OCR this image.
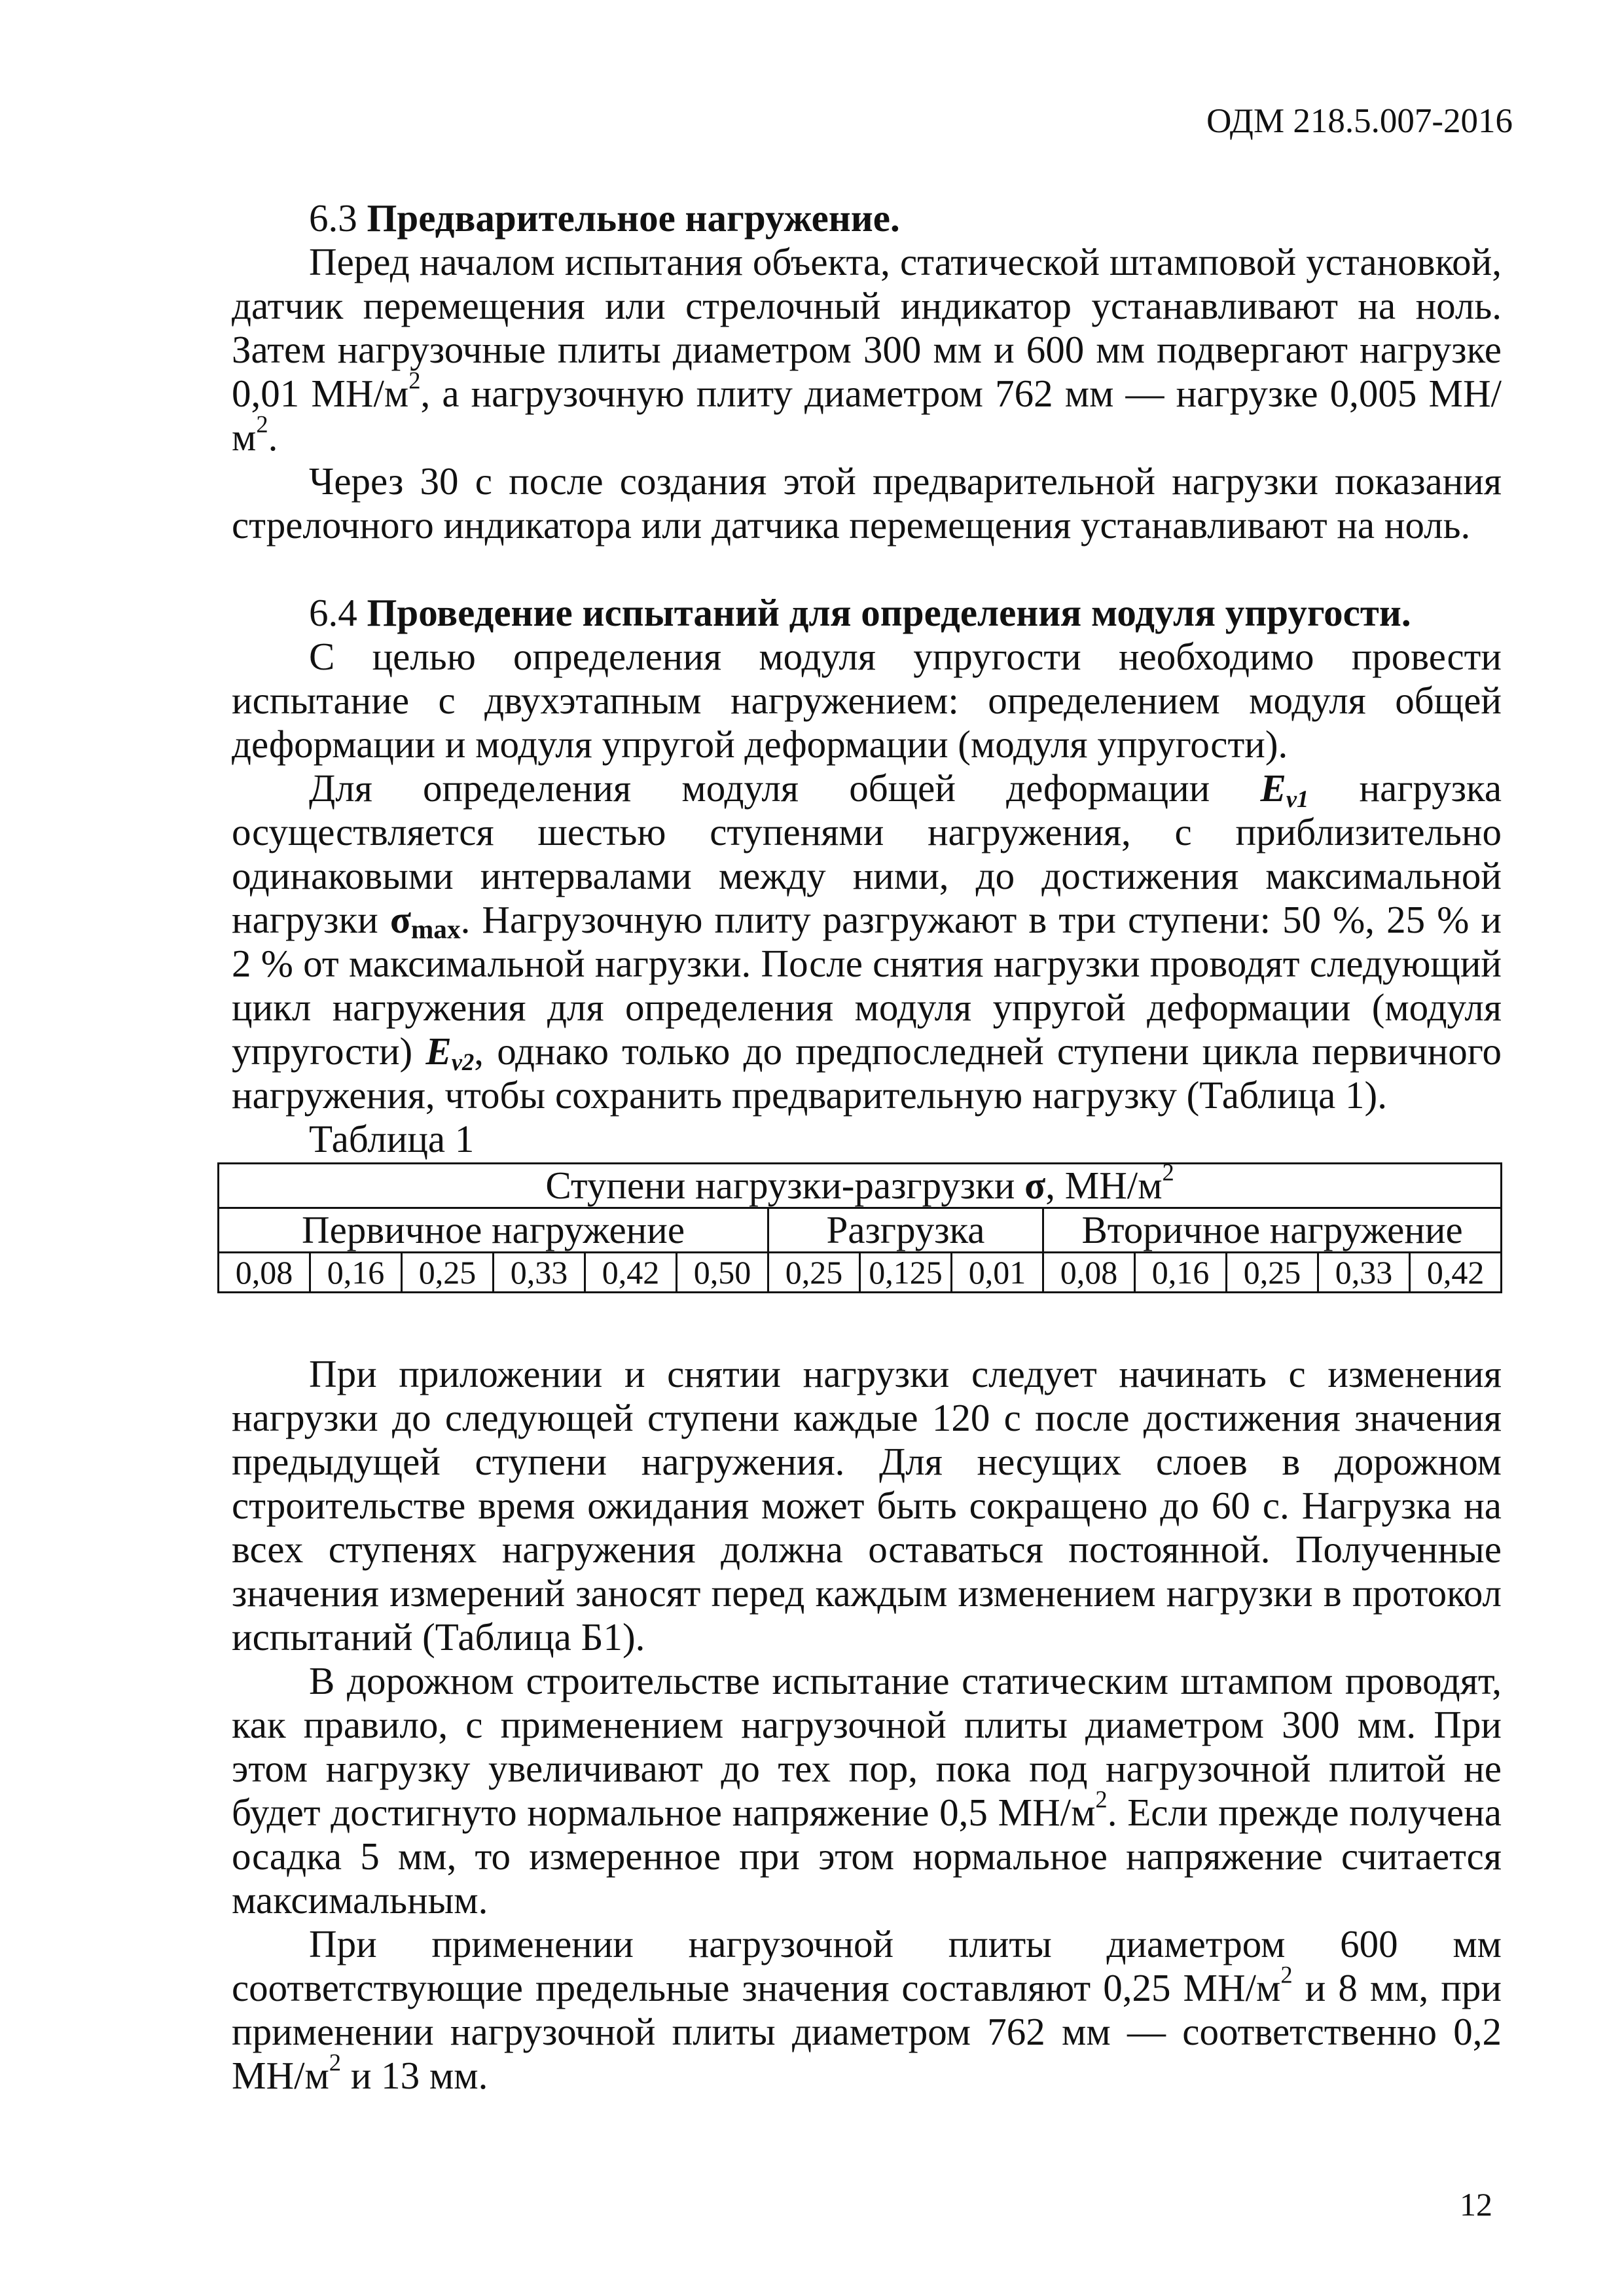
ОДМ 218.5.007-2016

6.3 Предварительное нагружение.

Перед началом испытания объекта, статической штамповой установкой, датчик перемещения или стрелочный индикатор устанавливают на ноль. Затем нагрузочные плиты диаметром 300 мм и 600 мм подвергают нагрузке 0,01 $МН/м^2$, а нагрузочную плиту диаметром 762 мм — нагрузке 0,005 $МН/м^2$.

Через 30 с после создания этой предварительной нагрузки показания стрелочного индикатора или датчика перемещения устанавливают на ноль.

6.4 Проведение испытаний для определения модуля упругости.

С целью определения модуля упругости необходимо провести испытание с двухэтапным нагружением: определением модуля общей деформации и модуля упругой деформации (модуля упругости).

Для определения модуля общей деформации $E_{v1}$ нагрузка осуществляется шестью ступенями нагружения, с приблизительно одинаковыми интервалами между ними, до достижения максимальной нагрузки $\sigma_{max}$. Нагрузочную плиту разгружают в три ступени: 50 %, 25 % и 2 % от максимальной нагрузки. После снятия нагрузки проводят следующий цикл нагружения для определения модуля упругой деформации (модуля упругости) $E_{v2}$, однако только до предпоследней ступени цикла первичного нагружения, чтобы сохранить предварительную нагрузку (Таблица 1).

Таблица 1

Ступени нагрузки-разгрузки σ, $МН/м^2$
Первичное нагружение						Разгрузка			Вторичное нагружение				
0,08	0,16	0,25	0,33	0,42	0,50	0,25	0,125	0,01	0,08	0,16	0,25	0,33	0,42

При приложении и снятии нагрузки следует начинать с изменения нагрузки до следующей ступени каждые 120 с после достижения значения предыдущей ступени нагружения. Для несущих слоев в дорожном строительстве время ожидания может быть сокращено до 60 с. Нагрузка на всех ступенях нагружения должна оставаться постоянной. Полученные значения измерений заносят перед каждым изменением нагрузки в протокол испытаний (Таблица Б1).

В дорожном строительстве испытание статическим штампом проводят, как правило, с применением нагрузочной плиты диаметром 300 мм. При этом нагрузку увеличивают до тех пор, пока под нагрузочной плитой не будет достигнуто нормальное напряжение 0,5 $МН/м^2$. Если прежде получена осадка 5 мм, то измеренное при этом нормальное напряжение считается максимальным.

При применении нагрузочной плиты диаметром 600 мм соответствующие предельные значения составляют 0,25 $МН/м^2$ и 8 мм, при применении нагрузочной плиты диаметром 762 мм — соответственно 0,2 $МН/м^2$ и 13 мм.

12
